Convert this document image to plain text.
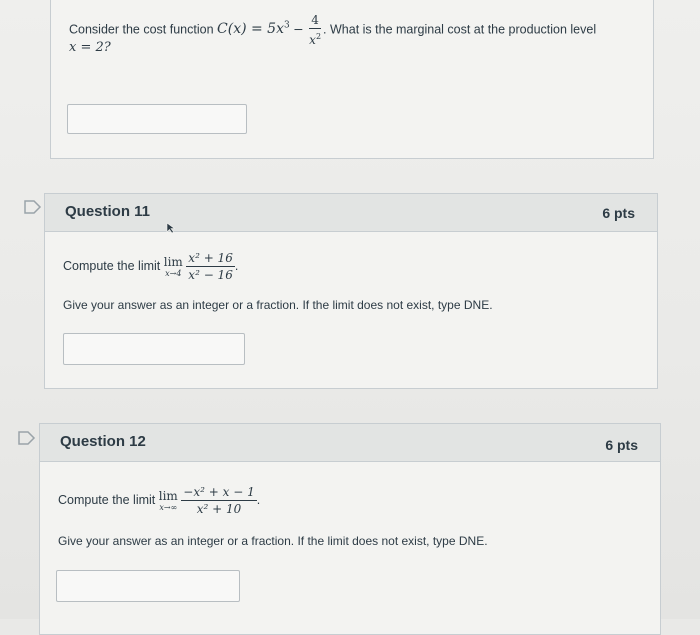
Consider the cost function $C(x) = 5x^3 - \frac{4}{x^2}$ . What is the marginal cost at the production level
x = 2?
Question 11	6 pts
Compute the limit lim
x→4
$\frac{\text{x² + 16}}{\text{x² − 16}}$ .
Give your answer as an integer or a fraction. If the limit does not exist, type DNE.
Question 12	6 pts
Compute the limit lim
x→∞
$\frac{\text{−x² + x − 1}}{\text{x² + 10}}$ .
Give your answer as an integer or a fraction. If the limit does not exist, type DNE.
